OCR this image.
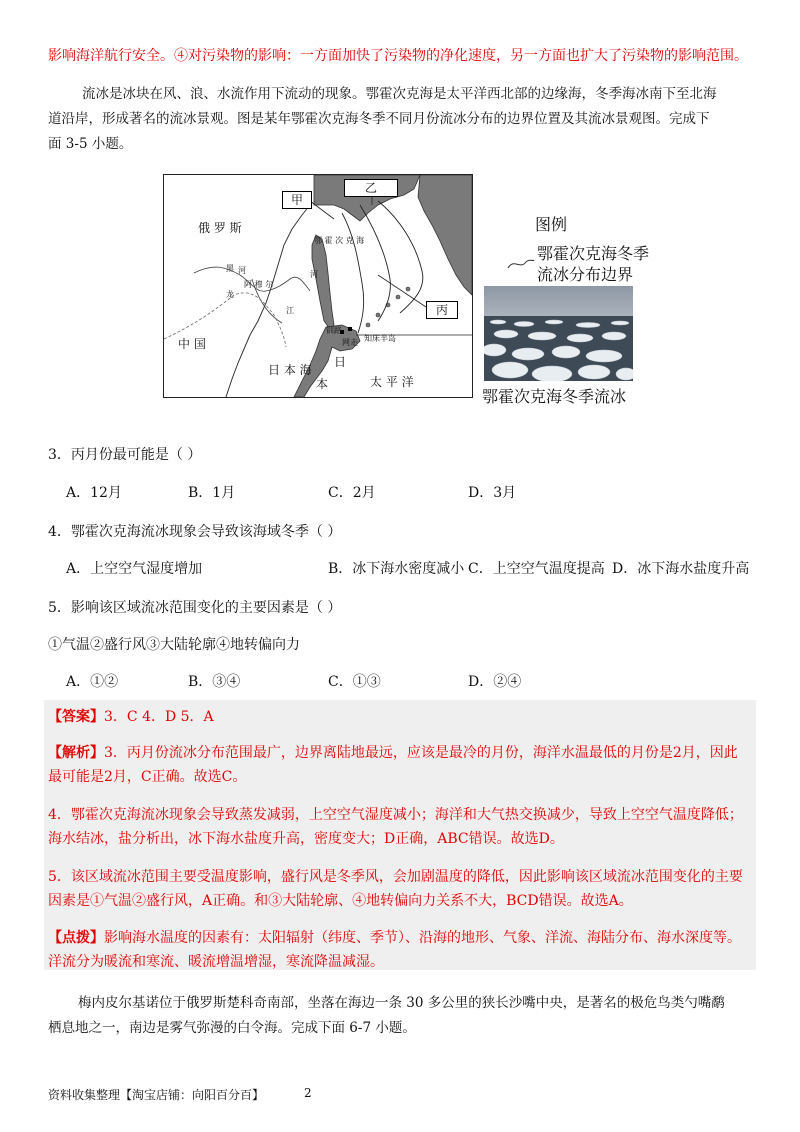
影响海洋航行安全。④对污染物的影响：一方面加快了污染物的净化速度，另一方面也扩大了污染物的影响范围。
流冰是冰块在风、浪、水流作用下流动的现象。鄂霍次克海是太平洋西北部的边缘海，冬季海冰南下至北海
道沿岸，形成著名的流冰景观。图是某年鄂霍次克海冬季不同月份流冰分布的边界位置及其流冰景观图。完成下
面 3-5 小题。
甲
乙
丙
俄 罗 斯
中 国
鄂 霍 次 克 海
黑
龙
江
河
阿 穆 尔
河
日 本 海
日
本	太 平 洋
知床半岛
钏路
网走
图例
鄂霍次克海冬季
流冰分布边界
鄂霍次克海冬季流冰
3．丙月份最可能是（ ）
A．12月	B．1月	C．2月	D．3月
4．鄂霍次克海流冰现象会导致该海域冬季（ ）
A．上空空气湿度增加	B．冰下海水密度减小 C．上空空气温度提高 D．冰下海水盐度升高
5．影响该区域流冰范围变化的主要因素是（ ）
①气温②盛行风③大陆轮廓④地转偏向力
A．①②	B．③④	C．①③	D．②④
【答案】3．C 4．D 5．A
【解析】3．丙月份流冰分布范围最广，边界离陆地最远，应该是最冷的月份，海洋水温最低的月份是2月，因此
最可能是2月，C正确。故选C。
4．鄂霍次克海流冰现象会导致蒸发减弱，上空空气湿度减小；海洋和大气热交换减少，导致上空空气温度降低；
海水结冰，盐分析出，冰下海水盐度升高，密度变大；D正确，ABC错误。故选D。
5．该区域流冰范围主要受温度影响，盛行风是冬季风，会加剧温度的降低，因此影响该区域流冰范围变化的主要
因素是①气温②盛行风，A正确。和③大陆轮廓、④地转偏向力关系不大，BCD错误。故选A。
【点拨】影响海水温度的因素有：太阳辐射（纬度、季节）、沿海的地形、气象、洋流、海陆分布、海水深度等。
洋流分为暖流和寒流、暖流增温增湿，寒流降温减湿。
梅内皮尔基诺位于俄罗斯楚科奇南部，坐落在海边一条 30 多公里的狭长沙嘴中央，是著名的极危鸟类勺嘴鹬
栖息地之一，南边是雾气弥漫的白令海。完成下面 6-7 小题。
资料收集整理【淘宝店铺：向阳百分百】	2
